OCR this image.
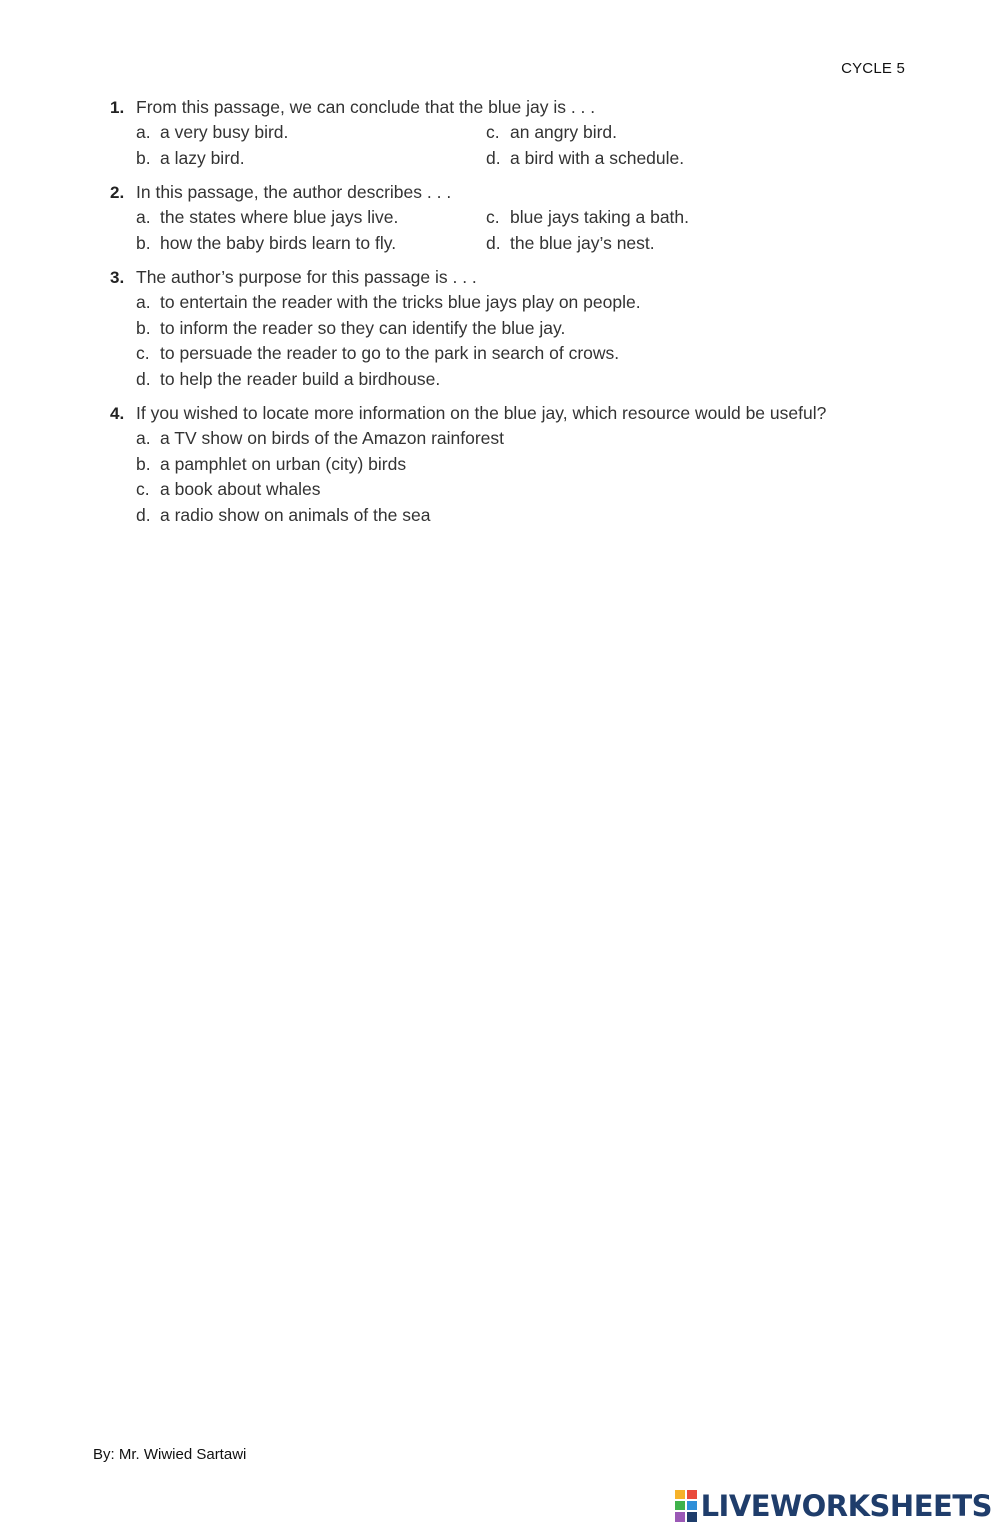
CYCLE 5
1. From this passage, we can conclude that the blue jay is . . .
a. a very busy bird.	c. an angry bird.
b. a lazy bird.	d. a bird with a schedule.
2. In this passage, the author describes . . .
a. the states where blue jays live.	c. blue jays taking a bath.
b. how the baby birds learn to fly.	d. the blue jay’s nest.
3. The author’s purpose for this passage is . . .
a. to entertain the reader with the tricks blue jays play on people.
b. to inform the reader so they can identify the blue jay.
c. to persuade the reader to go to the park in search of crows.
d. to help the reader build a birdhouse.
4. If you wished to locate more information on the blue jay, which resource would be useful?
a. a TV show on birds of the Amazon rainforest
b. a pamphlet on urban (city) birds
c. a book about whales
d. a radio show on animals of the sea
By: Mr. Wiwied Sartawi
LIVEWORKSHEETS
